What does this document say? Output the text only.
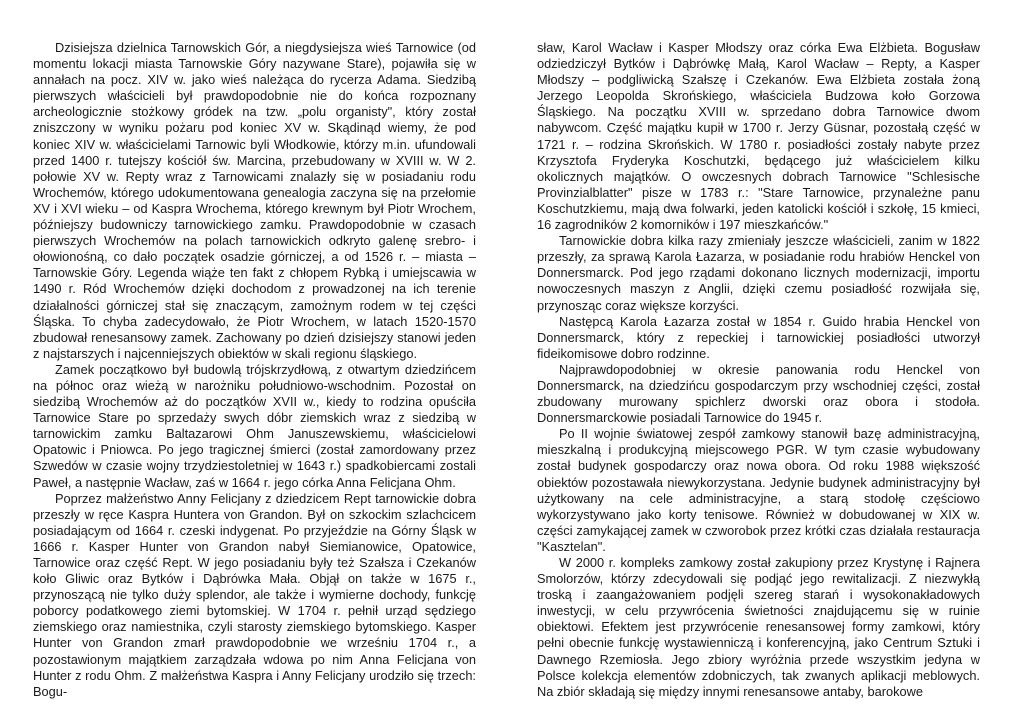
Dzisiejsza dzielnica Tarnowskich Gór, a niegdysiejsza wieś Tarnowice (od momentu lokacji miasta Tarnowskie Góry nazywane Stare), pojawiła się w annałach na pocz. XIV w. jako wieś należąca do rycerza Adama. Siedzibą pierwszych właścicieli był prawdopodobnie nie do końca rozpoznany archeologicznie stożkowy gródek na tzw. „polu organisty", który został zniszczony w wyniku pożaru pod koniec XV w. Skądinąd wiemy, że pod koniec XIV w. właścicielami Tarnowic byli Włodkowie, którzy m.in. ufundowali przed 1400 r. tutejszy kościół św. Marcina, przebudowany w XVIII w. W 2. połowie XV w. Repty wraz z Tarnowicami znalazły się w posiadaniu rodu Wrochemów, którego udokumentowana genealogia zaczyna się na przełomie XV i XVI wieku – od Kaspra Wrochema, którego krewnym był Piotr Wrochem, późniejszy budowniczy tarnowickiego zamku. Prawdopodobnie w czasach pierwszych Wrochemów na polach tarnowickich odkryto galenę srebro- i ołowionośną, co dało początek osadzie górniczej, a od 1526 r. – miasta – Tarnowskie Góry. Legenda wiąże ten fakt z chłopem Rybką i umiejscawia w 1490 r. Ród Wrochemów dzięki dochodom z prowadzonej na ich terenie działalności górniczej stał się znaczącym, zamożnym rodem w tej części Śląska. To chyba zadecydowało, że Piotr Wrochem, w latach 1520-1570 zbudował renesansowy zamek. Zachowany po dzień dzisiejszy stanowi jeden z najstarszych i najcenniejszych obiektów w skali regionu śląskiego.

Zamek początkowo był budowlą trójskrzydłową, z otwartym dziedzińcem na północ oraz wieżą w narożniku południowo-wschodnim. Pozostał on siedzibą Wrochemów aż do początków XVII w., kiedy to rodzina opuściła Tarnowice Stare po sprzedaży swych dóbr ziemskich wraz z siedzibą w tarnowickim zamku Baltazarowi Ohm Januszewskiemu, właścicielowi Opatowic i Pniowca. Po jego tragicznej śmierci (został zamordowany przez Szwedów w czasie wojny trzydziestoletniej w 1643 r.) spadkobiercami zostali Paweł, a następnie Wacław, zaś w 1664 r. jego córka Anna Felicjana Ohm.

Poprzez małżeństwo Anny Felicjany z dziedzicem Rept tarnowickie dobra przeszły w ręce Kaspra Huntera von Grandon. Był on szkockim szlachcicem posiadającym od 1664 r. czeski indygenat. Po przyjeździe na Górny Śląsk w 1666 r. Kasper Hunter von Grandon nabył Siemianowice, Opatowice, Tarnowice oraz część Rept. W jego posiadaniu były też Szałsza i Czekanów koło Gliwic oraz Bytków i Dąbrówka Mała. Objął on także w 1675 r., przynoszącą nie tylko duży splendor, ale także i wymierne dochody, funkcję poborcy podatkowego ziemi bytomskiej. W 1704 r. pełnił urząd sędziego ziemskiego oraz namiestnika, czyli starosty ziemskiego bytomskiego. Kasper Hunter von Grandon zmarł prawdopodobnie we wrześniu 1704 r., a pozostawionym majątkiem zarządzała wdowa po nim Anna Felicjana von Hunter z rodu Ohm. Z małżeństwa Kaspra i Anny Felicjany urodziło się trzech: Bogu-

sław, Karol Wacław i Kasper Młodszy oraz córka Ewa Elżbieta. Bogusław odziedziczył Bytków i Dąbrówkę Małą, Karol Wacław – Repty, a Kasper Młodszy – podgliwicką Szałszę i Czekanów. Ewa Elżbieta została żoną Jerzego Leopolda Skrońskiego, właściciela Budzowa koło Gorzowa Śląskiego. Na początku XVIII w. sprzedano dobra Tarnowice dwom nabywcom. Część majątku kupił w 1700 r. Jerzy Güsnar, pozostałą część w 1721 r. – rodzina Skrońskich. W 1780 r. posiadłości zostały nabyte przez Krzysztofa Fryderyka Koschutzki, będącego już właścicielem kilku okolicznych majątków. O owczesnych dobrach Tarnowice "Schlesische Provinzialblatter" pisze w 1783 r.: "Stare Tarnowice, przynależne panu Koschutzkiemu, mają dwa folwarki, jeden katolicki kościół i szkołę, 15 kmieci, 16 zagrodników 2 komorników i 197 mieszkańców."

Tarnowickie dobra kilka razy zmieniały jeszcze właścicieli, zanim w 1822 przeszły, za sprawą Karola Łazarza, w posiadanie rodu hrabiów Henckel von Donnersmarck. Pod jego rządami dokonano licznych modernizacji, importu nowoczesnych maszyn z Anglii, dzięki czemu posiadłość rozwijała się, przynosząc coraz większe korzyści.

Następcą Karola Łazarza został w 1854 r. Guido hrabia Henckel von Donnersmarck, który z repeckiej i tarnowickiej posiadłości utworzył fideikomisowe dobro rodzinne.

Najprawdopodobniej w okresie panowania rodu Henckel von Donnersmarck, na dziedzińcu gospodarczym przy wschodniej części, został zbudowany murowany spichlerz dworski oraz obora i stodoła. Donnersmarckowie posiadali Tarnowice do 1945 r.

Po II wojnie światowej zespół zamkowy stanowił bazę administracyjną, mieszkalną i produkcyjną miejscowego PGR. W tym czasie wybudowany został budynek gospodarczy oraz nowa obora. Od roku 1988 większość obiektów pozostawała niewykorzystana. Jedynie budynek administracyjny był użytkowany na cele administracyjne, a starą stodołę częściowo wykorzystywano jako korty tenisowe. Również w dobudowanej w XIX w. części zamykającej zamek w czworobok przez krótki czas działała restauracja "Kasztelan".

W 2000 r. kompleks zamkowy został zakupiony przez Krystynę i Rajnera Smolorzów, którzy zdecydowali się podjąć jego rewitalizacji. Z niezwykłą troską i zaangażowaniem podjęli szereg starań i wysokonakładowych inwestycji, w celu przywrócenia świetności znajdującemu się w ruinie obiektowi. Efektem jest przywrócenie renesansowej formy zamkowi, który pełni obecnie funkcję wystawienniczą i konferencyjną, jako Centrum Sztuki i Dawnego Rzemiosła. Jego zbiory wyróżnia przede wszystkim jedyna w Polsce kolekcja elementów zdobniczych, tak zwanych aplikacji meblowych. Na zbiór składają się między innymi renesansowe antaby, barokowe
